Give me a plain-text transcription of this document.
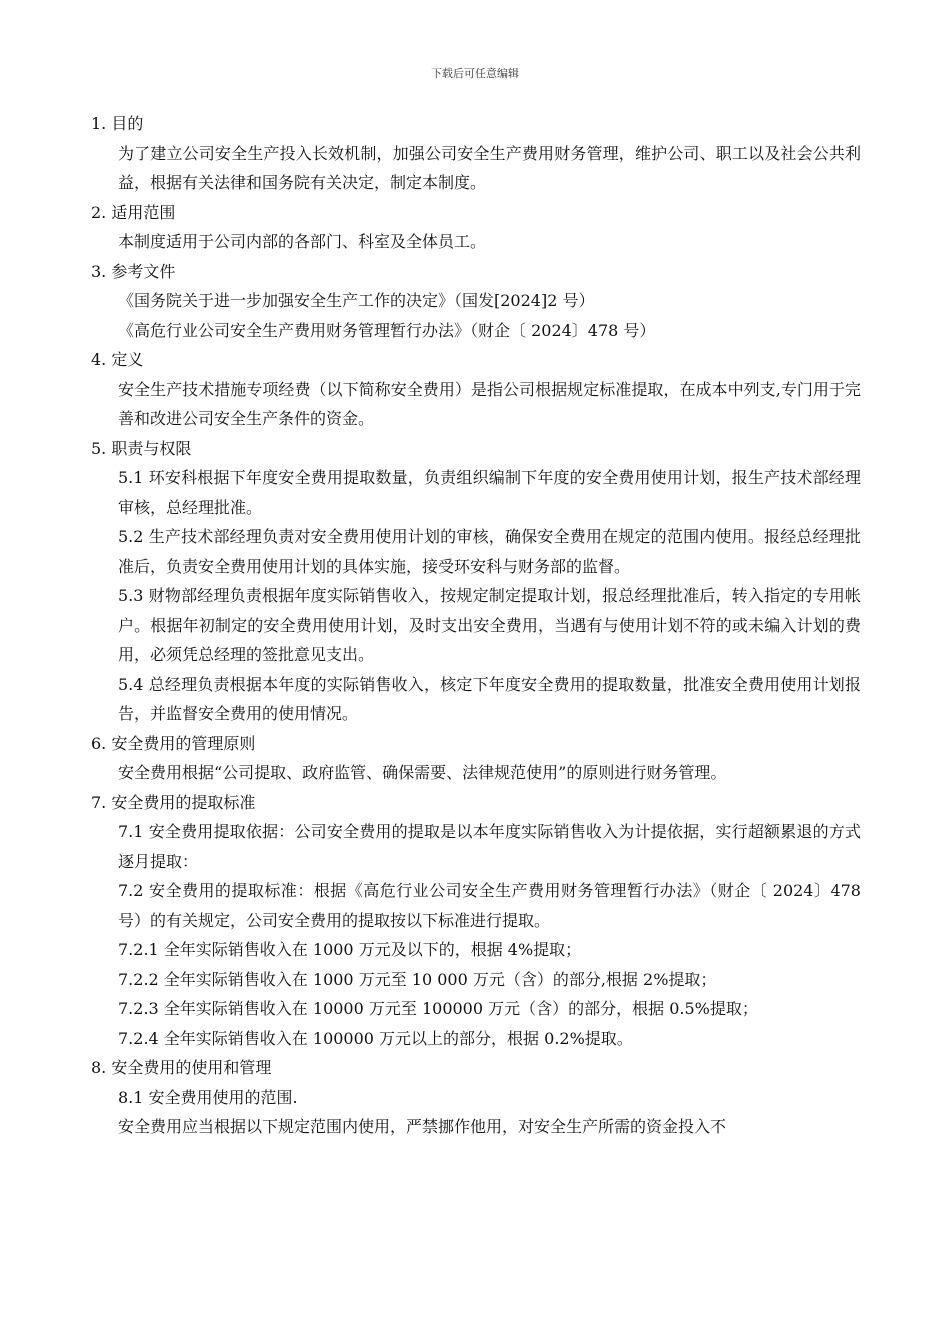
下载后可任意编辑

1. 目的

为了建立公司安全生产投入长效机制，加强公司安全生产费用财务管理，维护公司、职工以及社会公共利益，根据有关法律和国务院有关决定，制定本制度。

2. 适用范围

本制度适用于公司内部的各部门、科室及全体员工。

3. 参考文件

《国务院关于进一步加强安全生产工作的决定》（国发[2024]2 号）

《高危行业公司安全生产费用财务管理暂行办法》（财企〔 2024〕478 号）

4. 定义

安全生产技术措施专项经费（以下简称安全费用）是指公司根据规定标准提取，在成本中列支,专门用于完善和改进公司安全生产条件的资金。

5. 职责与权限

5.1 环安科根据下年度安全费用提取数量，负责组织编制下年度的安全费用使用计划，报生产技术部经理审核，总经理批准。

5.2 生产技术部经理负责对安全费用使用计划的审核，确保安全费用在规定的范围内使用。报经总经理批准后，负责安全费用使用计划的具体实施，接受环安科与财务部的监督。

5.3 财物部经理负责根据年度实际销售收入，按规定制定提取计划，报总经理批准后，转入指定的专用帐户。根据年初制定的安全费用使用计划，及时支出安全费用，当遇有与使用计划不符的或未编入计划的费用，必须凭总经理的签批意见支出。

5.4 总经理负责根据本年度的实际销售收入，核定下年度安全费用的提取数量，批准安全费用使用计划报告，并监督安全费用的使用情况。

6. 安全费用的管理原则

安全费用根据“公司提取、政府监管、确保需要、法律规范使用”的原则进行财务管理。

7. 安全费用的提取标准

7.1 安全费用提取依据：公司安全费用的提取是以本年度实际销售收入为计提依据，实行超额累退的方式逐月提取：

7.2 安全费用的提取标准：根据《高危行业公司安全生产费用财务管理暂行办法》（财企〔 2024〕478 号）的有关规定，公司安全费用的提取按以下标准进行提取。

7.2.1 全年实际销售收入在 1000 万元及以下的，根据 4%提取；

7.2.2 全年实际销售收入在 1000 万元至 10 000 万元（含）的部分,根据 2%提取；

7.2.3 全年实际销售收入在 10000 万元至 100000 万元（含）的部分，根据 0.5%提取；

7.2.4 全年实际销售收入在 100000 万元以上的部分，根据 0.2%提取。

8. 安全费用的使用和管理

8.1 安全费用使用的范围.

安全费用应当根据以下规定范围内使用，严禁挪作他用，对安全生产所需的资金投入不
